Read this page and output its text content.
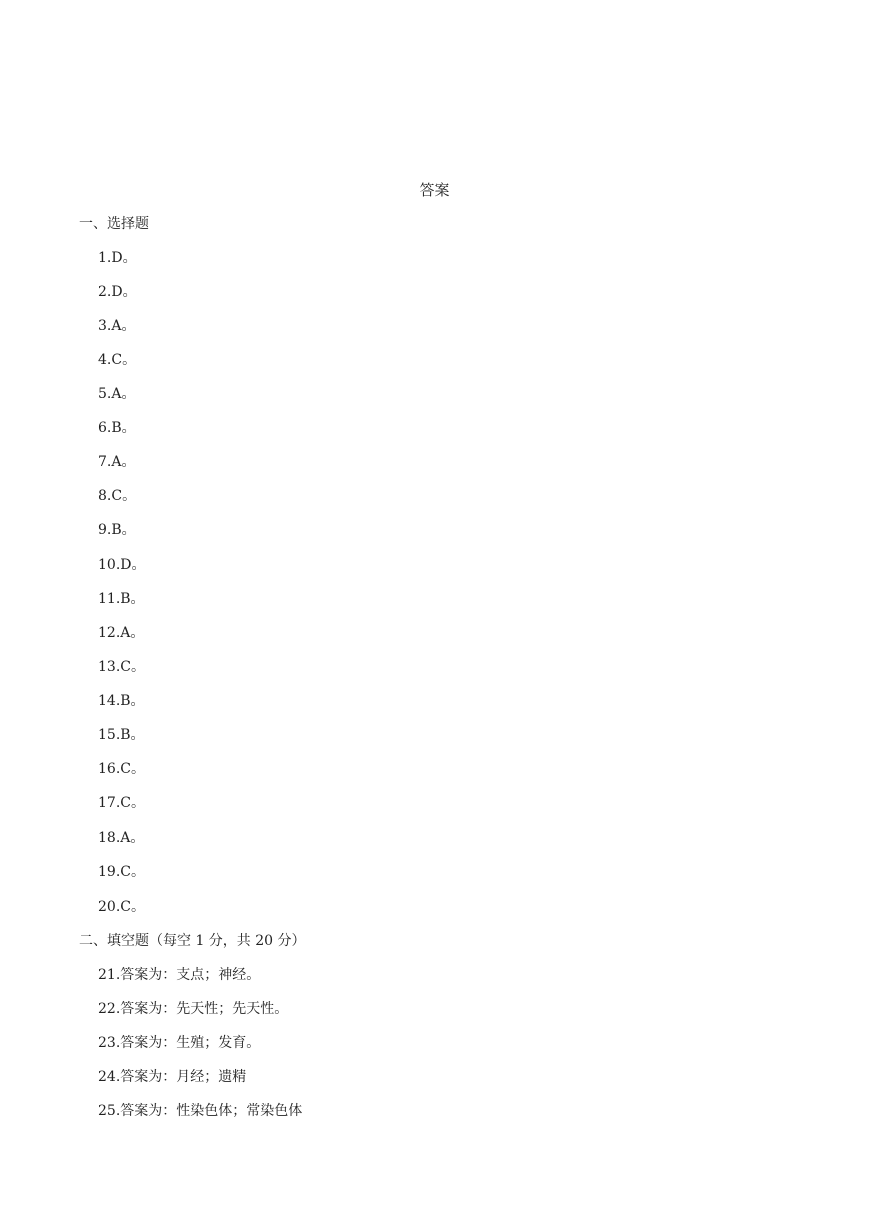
答案
一、选择题
1.D。
2.D。
3.A。
4.C。
5.A。
6.B。
7.A。
8.C。
9.B。
10.D。
11.B。
12.A。
13.C。
14.B。
15.B。
16.C。
17.C。
18.A。
19.C。
20.C。
二、填空题（每空 1 分，共 20 分）
21.答案为：支点；神经。
22.答案为：先天性；先天性。
23.答案为：生殖；发育。
24.答案为：月经；遗精
25.答案为：性染色体；常染色体
